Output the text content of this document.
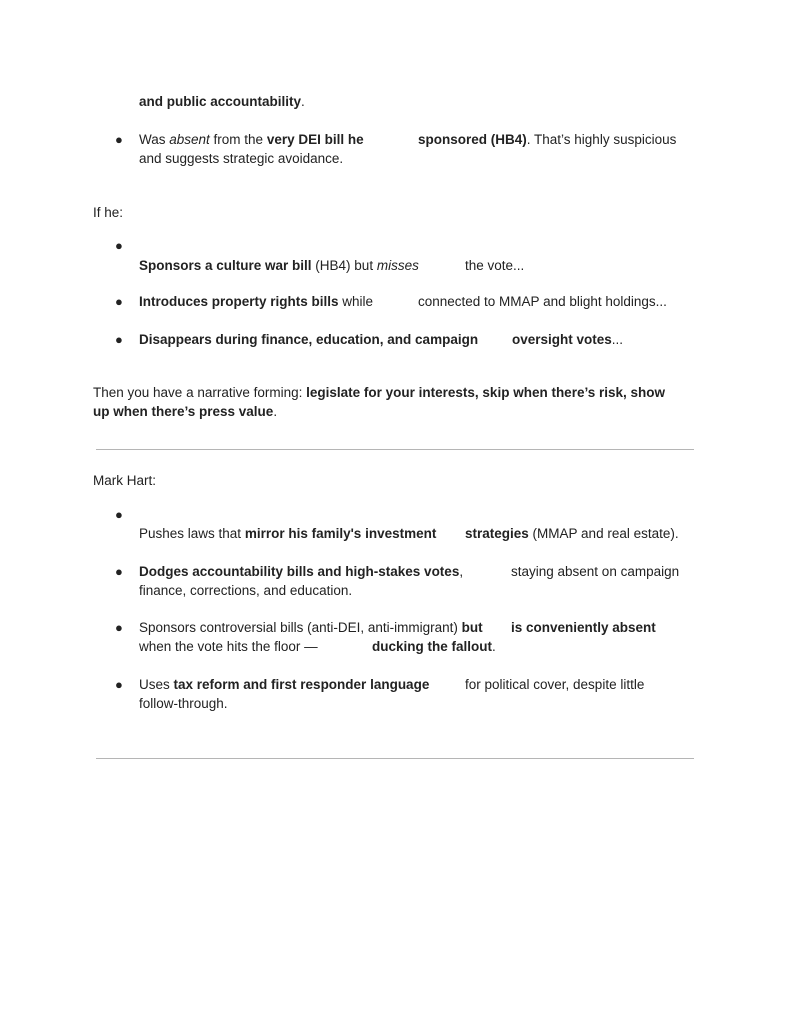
and public accountability.
● Was absent from the very DEI bill he	sponsored (HB4). That’s highly suspicious
and suggests strategic avoidance.
If he:
●
Sponsors a culture war bill (HB4) but misses	the vote...
● Introduces property rights bills while	connected to MMAP and blight holdings...
● Disappears during finance, education, and campaign	oversight votes...
Then you have a narrative forming: legislate for your interests, skip when there’s risk, show
up when there’s press value.
Mark Hart:
●
Pushes laws that mirror his family's investment strategies (MMAP and real estate).
● Dodges accountability bills and high-stakes votes,	staying absent on campaign
finance, corrections, and education.
● Sponsors controversial bills (anti-DEI, anti-immigrant) but is conveniently absent
when the vote hits the floor —	ducking the fallout.
● Uses tax reform and first responder language	for political cover, despite little
follow-through.
